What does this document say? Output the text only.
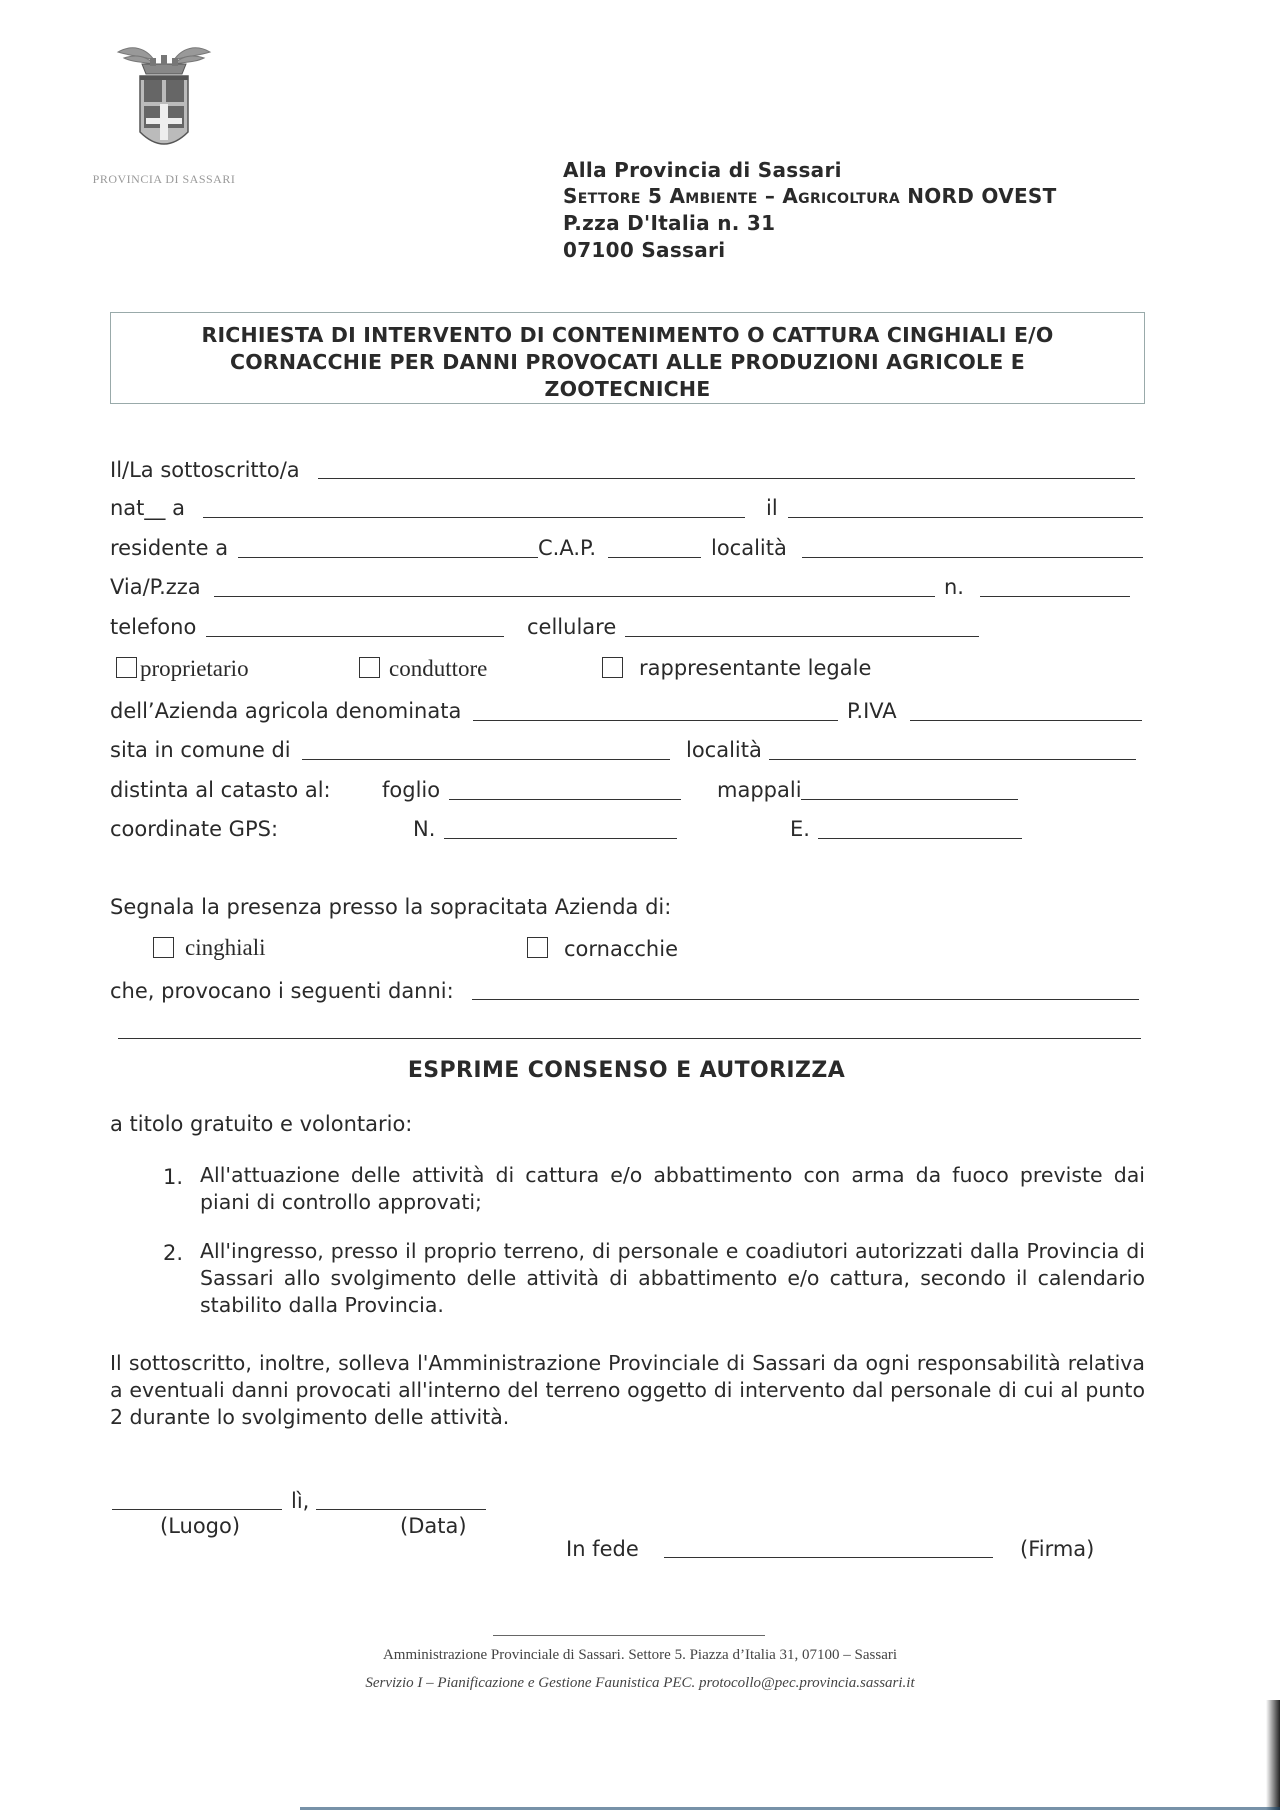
PROVINCIA DI SASSARI	Alla Provincia di Sassari
Settore 5 Ambiente – Agricoltura NORD OVEST
P.zza D'Italia n. 31
07100 Sassari
RICHIESTA DI INTERVENTO DI CONTENIMENTO O CATTURA CINGHIALI E/O
CORNACCHIE PER DANNI PROVOCATI ALLE PRODUZIONI AGRICOLE E
ZOOTECNICHE
Il/La sottoscritto/a
nat__ a	il
residente a	C.A.P.	località
Via/P.zza	n.
telefono	cellulare
proprietario	conduttore	rappresentante legale
dell’Azienda agricola denominata	P.IVA
sita in comune di	località
distinta al catasto al: foglio	mappali
coordinate GPS:	N.	E.
Segnala la presenza presso la sopracitata Azienda di:
cinghiali	cornacchie
che, provocano i seguenti danni:
ESPRIME CONSENSO E AUTORIZZA
a titolo gratuito e volontario:
1. All'attuazione delle attività di cattura e/o abbattimento con arma da fuoco previste dai piani di controllo approvati;
2. All'ingresso, presso il proprio terreno, di personale e coadiutori autorizzati dalla Provincia di Sassari allo svolgimento delle attività di abbattimento e/o cattura, secondo il calendario stabilito dalla Provincia.
Il sottoscritto, inoltre, solleva l'Amministrazione Provinciale di Sassari da ogni responsabilità relativa a eventuali danni provocati all'interno del terreno oggetto di intervento dal personale di cui al punto 2 durante lo svolgimento delle attività.
lì,
(Luogo)	(Data)
In fede	(Firma)
Amministrazione Provinciale di Sassari. Settore 5. Piazza d’Italia 31, 07100 – Sassari
Servizio I – Pianificazione e Gestione Faunistica PEC. protocollo@pec.provincia.sassari.it
